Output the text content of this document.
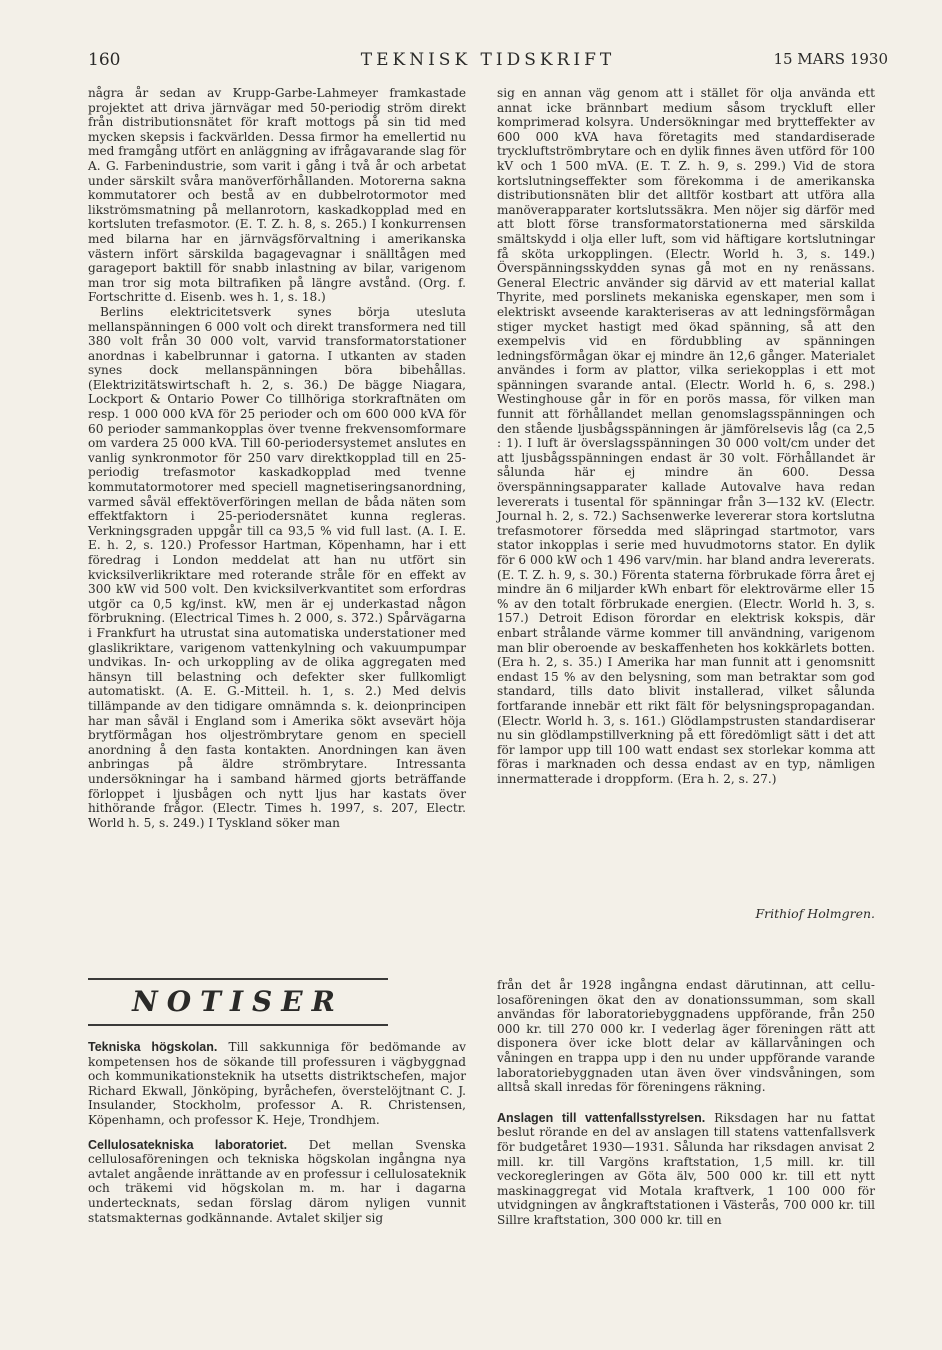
160	TEKNISK TIDSKRIFT	15 MARS 1930

några år sedan av Krupp-Garbe-Lahmeyer framkastade projektet att driva järnvägar med 50-periodig ström direkt från distributionsnätet för kraft mottogs på sin tid med mycken skepsis i fackvärlden. Dessa firmor ha emellertid nu med framgång utfört en anläggning av ifrågavarande slag för A. G. Farbenindustrie, som varit i gång i två år och arbetat under särskilt svåra manöverförhållanden. Motorerna sakna kommutatorer och bestå av en dubbelrotormotor med likströmsmatning på mellanrotorn, kaskadkopplad med en kortsluten trefasmotor. (E. T. Z. h. 8, s. 265.) I konkurrensen med bilarna har en järnvägsförvaltning i amerikanska västern infört särskilda bagagevagnar i snälltågen med garageport baktill för snabb inlastning av bilar, varigenom man tror sig mota biltrafiken på längre avstånd. (Org. f. Fortschritte d. Eisenb. wes h. 1, s. 18.)

Berlins elektricitetsverk synes börja utesluta mellanspänningen 6 000 volt och direkt transformera ned till 380 volt från 30 000 volt, varvid transformatorstationer anordnas i kabelbrunnar i gatorna. I utkanten av staden synes dock mellanspänningen böra bibehållas. (Elektrizitätswirtschaft h. 2, s. 36.) De bägge Niagara, Lockport & Ontario Power Co tillhöriga storkraftnäten om resp. 1 000 000 kVA för 25 perioder och om 600 000 kVA för 60 perioder sammankopplas över tvenne frekvensomformare om vardera 25 000 kVA. Till 60-periodersystemet anslutes en vanlig synkronmotor för 250 varv direktkopplad till en 25-periodig trefasmotor kaskadkopplad med tvenne kommutatormotorer med speciell magnetiseringsanordning, varmed såväl effektöverföringen mellan de båda näten som effektfaktorn i 25-periodersnätet kunna regleras. Verkningsgraden uppgår till ca 93,5 % vid full last. (A. I. E. E. h. 2, s. 120.) Professor Hartman, Köpenhamn, har i ett föredrag i London meddelat att han nu utfört sin kvicksilverlikriktare med roterande stråle för en effekt av 300 kW vid 500 volt. Den kvicksilverkvantitet som erfordras utgör ca 0,5 kg/inst. kW, men är ej underkastad någon förbrukning. (Electrical Times h. 2 000, s. 372.) Spårvägarna i Frankfurt ha utrustat sina automatiska understationer med glaslikriktare, varigenom vattenkylning och vakuumpumpar undvikas. In- och urkoppling av de olika aggregaten med hänsyn till belastning och defekter sker fullkomligt automatiskt. (A. E. G.-Mitteil. h. 1, s. 2.) Med delvis tillämpande av den tidigare omnämnda s. k. deionprincipen har man såväl i England som i Amerika sökt avsevärt höja brytförmågan hos oljeströmbrytare genom en speciell anordning å den fasta kontakten. Anordningen kan även anbringas på äldre strömbrytare. Intressanta undersökningar ha i samband härmed gjorts beträffande förloppet i ljusbågen och nytt ljus har kastats över hithörande frågor. (Electr. Times h. 1997, s. 207, Electr. World h. 5, s. 249.) I Tyskland söker man

sig en annan väg genom att i stället för olja använda ett annat icke brännbart medium såsom tryckluft eller komprimerad kolsyra. Undersökningar med brytteffekter av 600 000 kVA hava företagits med standardiserade tryckluftströmbrytare och en dylik finnes även utförd för 100 kV och 1 500 mVA. (E. T. Z. h. 9, s. 299.) Vid de stora kortslutningseffekter som förekomma i de amerikanska distributionsnäten blir det alltför kostbart att utföra alla manöverapparater kortslutssäkra. Men nöjer sig därför med att blott förse transformatorstationerna med särskilda smältskydd i olja eller luft, som vid häftigare kortslutningar få sköta urkopplingen. (Electr. World h. 3, s. 149.) Överspänningsskydden synas gå mot en ny renässans. General Electric använder sig därvid av ett material kallat Thyrite, med porslinets mekaniska egenskaper, men som i elektriskt avseende karakteriseras av att ledningsförmågan stiger mycket hastigt med ökad spänning, så att den exempelvis vid en fördubbling av spänningen ledningsförmågan ökar ej mindre än 12,6 gånger. Materialet användes i form av plattor, vilka seriekopplas i ett mot spänningen svarande antal. (Electr. World h. 6, s. 298.) Westinghouse går in för en porös massa, för vilken man funnit att förhållandet mellan genomslagsspänningen och den stående ljusbågsspänningen är jämförelsevis låg (ca 2,5 : 1). I luft är överslagsspänningen 30 000 volt/cm under det att ljusbågsspänningen endast är 30 volt. Förhållandet är sålunda här ej mindre än 600. Dessa överspänningsapparater kallade Autovalve hava redan levererats i tusental för spänningar från 3—132 kV. (Electr. Journal h. 2, s. 72.) Sachsenwerke levererar stora kortslutna trefasmotorer försedda med släpringad startmotor, vars stator inkopplas i serie med huvudmotorns stator. En dylik för 6 000 kW och 1 496 varv/min. har bland andra levererats. (E. T. Z. h. 9, s. 30.) Förenta staterna förbrukade förra året ej mindre än 6 miljarder kWh enbart för elektrovärme eller 15 % av den totalt förbrukade energien. (Electr. World h. 3, s. 157.) Detroit Edison förordar en elektrisk kokspis, där enbart strålande värme kommer till användning, varigenom man blir oberoende av beskaffenheten hos kokkärlets botten. (Era h. 2, s. 35.) I Amerika har man funnit att i genomsnitt endast 15 % av den belysning, som man betraktar som god standard, tills dato blivit installerad, vilket sålunda fortfarande innebär ett rikt fält för belysningspropagandan. (Electr. World h. 3, s. 161.) Glödlampstrusten standardiserar nu sin glödlampstillverkning på ett föredömligt sätt i det att för lampor upp till 100 watt endast sex storlekar komma att föras i marknaden och dessa endast av en typ, nämligen innermatterade i droppform. (Era h. 2, s. 27.)

Frithiof Holmgren.
NOTISER

Tekniska högskolan. Till sakkunniga för bedömande av kompetensen hos de sökande till professuren i vägbyggnad och kommunikationsteknik ha utsetts distriktschefen, major Richard Ekwall, Jönköping, byråchefen, överstelöjtnant C. J. Insulander, Stockholm, professor A. R. Christensen, Köpenhamn, och professor K. Heje, Trondhjem.

Cellulosatekniska laboratoriet. Det mellan Svenska cellulosaföreningen och tekniska högskolan ingångna nya avtalet angående inrättande av en professur i cellulosateknik och träkemi vid högskolan m. m. har i dagarna undertecknats, sedan förslag därom nyligen vunnit statsmakternas godkännande. Avtalet skiljer sig

från det år 1928 ingångna endast därutinnan, att cellulosaföreningen ökat den av donationssumman, som skall användas för laboratoriebyggnadens uppförande, från 250 000 kr. till 270 000 kr. I vederlag äger föreningen rätt att disponera över icke blott delar av källarvåningen och våningen en trappa upp i den nu under uppförande varande laboratoriebyggnaden utan även över vindsvåningen, som alltså skall inredas för föreningens räkning.

Anslagen till vattenfallsstyrelsen. Riksdagen har nu fattat beslut rörande en del av anslagen till statens vattenfallsverk för budgetåret 1930—1931. Sålunda har riksdagen anvisat 2 mill. kr. till Vargöns kraftstation, 1,5 mill. kr. till veckoregleringen av Göta älv, 500 000 kr. till ett nytt maskinaggregat vid Motala kraftverk, 1 100 000 för utvidgningen av ångkraftstationen i Västerås, 700 000 kr. till Sillre kraftstation, 300 000 kr. till en
